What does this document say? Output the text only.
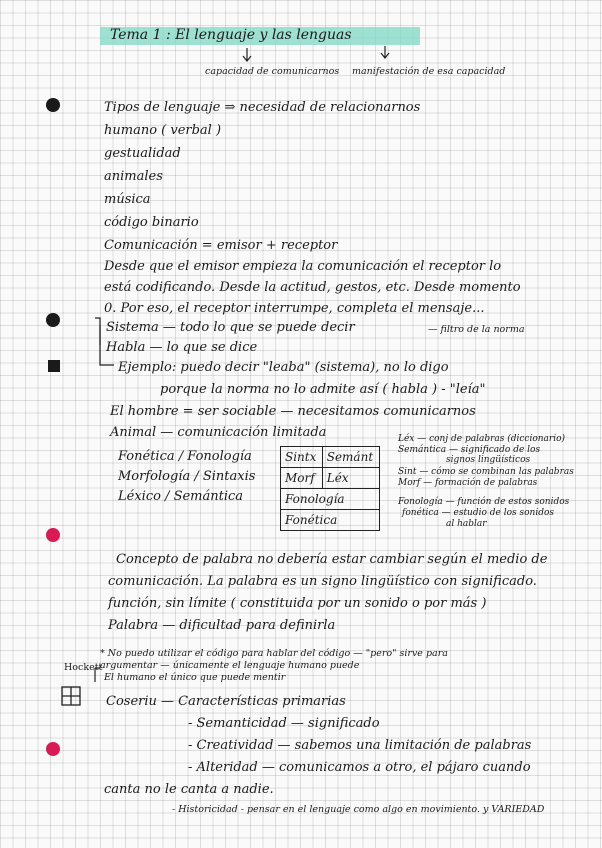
Tema 1 : El lenguaje y las lenguas
capacidad de comunicarnos manifestación de esa capacidad
Tipos de lenguaje ⇒ necesidad de relacionarnos
humano ( verbal )
gestualidad
animales
música
código binario
Comunicación = emisor + receptor
Desde que el emisor empieza la comunicación el receptor lo
está codificando. Desde la actitud, gestos, etc. Desde momento
0. Por eso, el receptor interrumpe, completa el mensaje...
Sistema — todo lo que se puede decir	— filtro de la norma
Habla — lo que se dice
Ejemplo: puedo decir "leaba" (sistema), no lo digo
porque la norma no lo admite así ( habla ) - "leía"
El hombre = ser sociable — necesitamos comunicarnos
Animal — comunicación limitada
Fonética / Fonología
Morfología / Sintaxis
Léxico / Semántica
Sintx	Semánt
Morf	Léx
Fonología	
Fonética	
Léx — conj de palabras (diccionario)
Semántica — significado de los
signos lingüísticos
Sint — cómo se combinan las palabras
Morf — formación de palabras
Fonología — función de estos sonidos
fonética — estudio de los sonidos
al hablar
Concepto de palabra no debería estar cambiar según el medio de
comunicación. La palabra es un signo lingüístico con significado.
función, sin límite ( constituida por un sonido o por más )
Palabra — dificultad para definirla
Hockett
* No puedo utilizar el código para hablar del código — "pero" sirve para
argumentar — únicamente el lenguaje humano puede
El humano el único que puede mentir
Coseriu — Características primarias
- Semanticidad — significado
- Creatividad — sabemos una limitación de palabras
- Alteridad — comunicamos a otro, el pájaro cuando
canta no le canta a nadie.
- Historicidad - pensar en el lenguaje como algo en movimiento. y VARIEDAD
